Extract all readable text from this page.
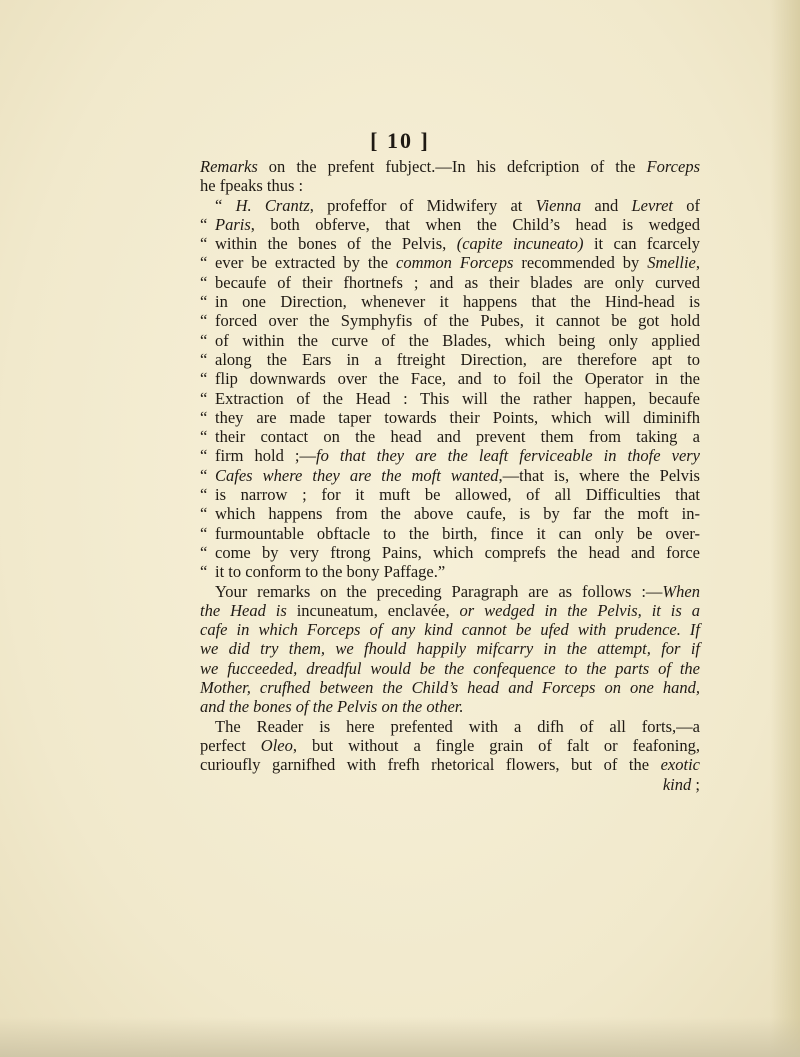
[ 10 ]
Remarks on the prefent fubject.—In his defcription of the Forceps
he fpeaks thus :
“ H. Crantz, profeffor of Midwifery at Vienna and Levret of
“ Paris, both obferve, that when the Child’s head is wedged
“ within the bones of the Pelvis, (capite incuneato) it can fcarcely
“ ever be extracted by the common Forceps recommended by Smellie,
“ becaufe of their fhortnefs ; and as their blades are only curved
“ in one Direction, whenever it happens that the Hind-head is
“ forced over the Symphyfis of the Pubes, it cannot be got hold
“ of within the curve of the Blades, which being only applied
“ along the Ears in a ftreight Direction, are therefore apt to
“ flip downwards over the Face, and to foil the Operator in the
“ Extraction of the Head : This will the rather happen, becaufe
“ they are made taper towards their Points, which will diminifh
“ their contact on the head and prevent them from taking a
“ firm hold ;—fo that they are the leaft ferviceable in thofe very
“ Cafes where they are the moft wanted,—that is, where the Pelvis
“ is narrow ; for it muft be allowed, of all Difficulties that
“ which happens from the above caufe, is by far the moft in-
“ furmountable obftacle to the birth, fince it can only be over-
“ come by very ftrong Pains, which comprefs the head and force
“ it to conform to the bony Paffage.”
Your remarks on the preceding Paragraph are as follows :—When
the Head is incuneatum, enclavée, or wedged in the Pelvis, it is a
cafe in which Forceps of any kind cannot be ufed with prudence. If
we did try them, we fhould happily mifcarry in the attempt, for if
we fucceeded, dreadful would be the confequence to the parts of the
Mother, crufhed between the Child’s head and Forceps on one hand,
and the bones of the Pelvis on the other.
The Reader is here prefented with a difh of all forts,—a
perfect Oleo, but without a fingle grain of falt or feafoning,
curioufly garnifhed with frefh rhetorical flowers, but of the exotic
kind ;
